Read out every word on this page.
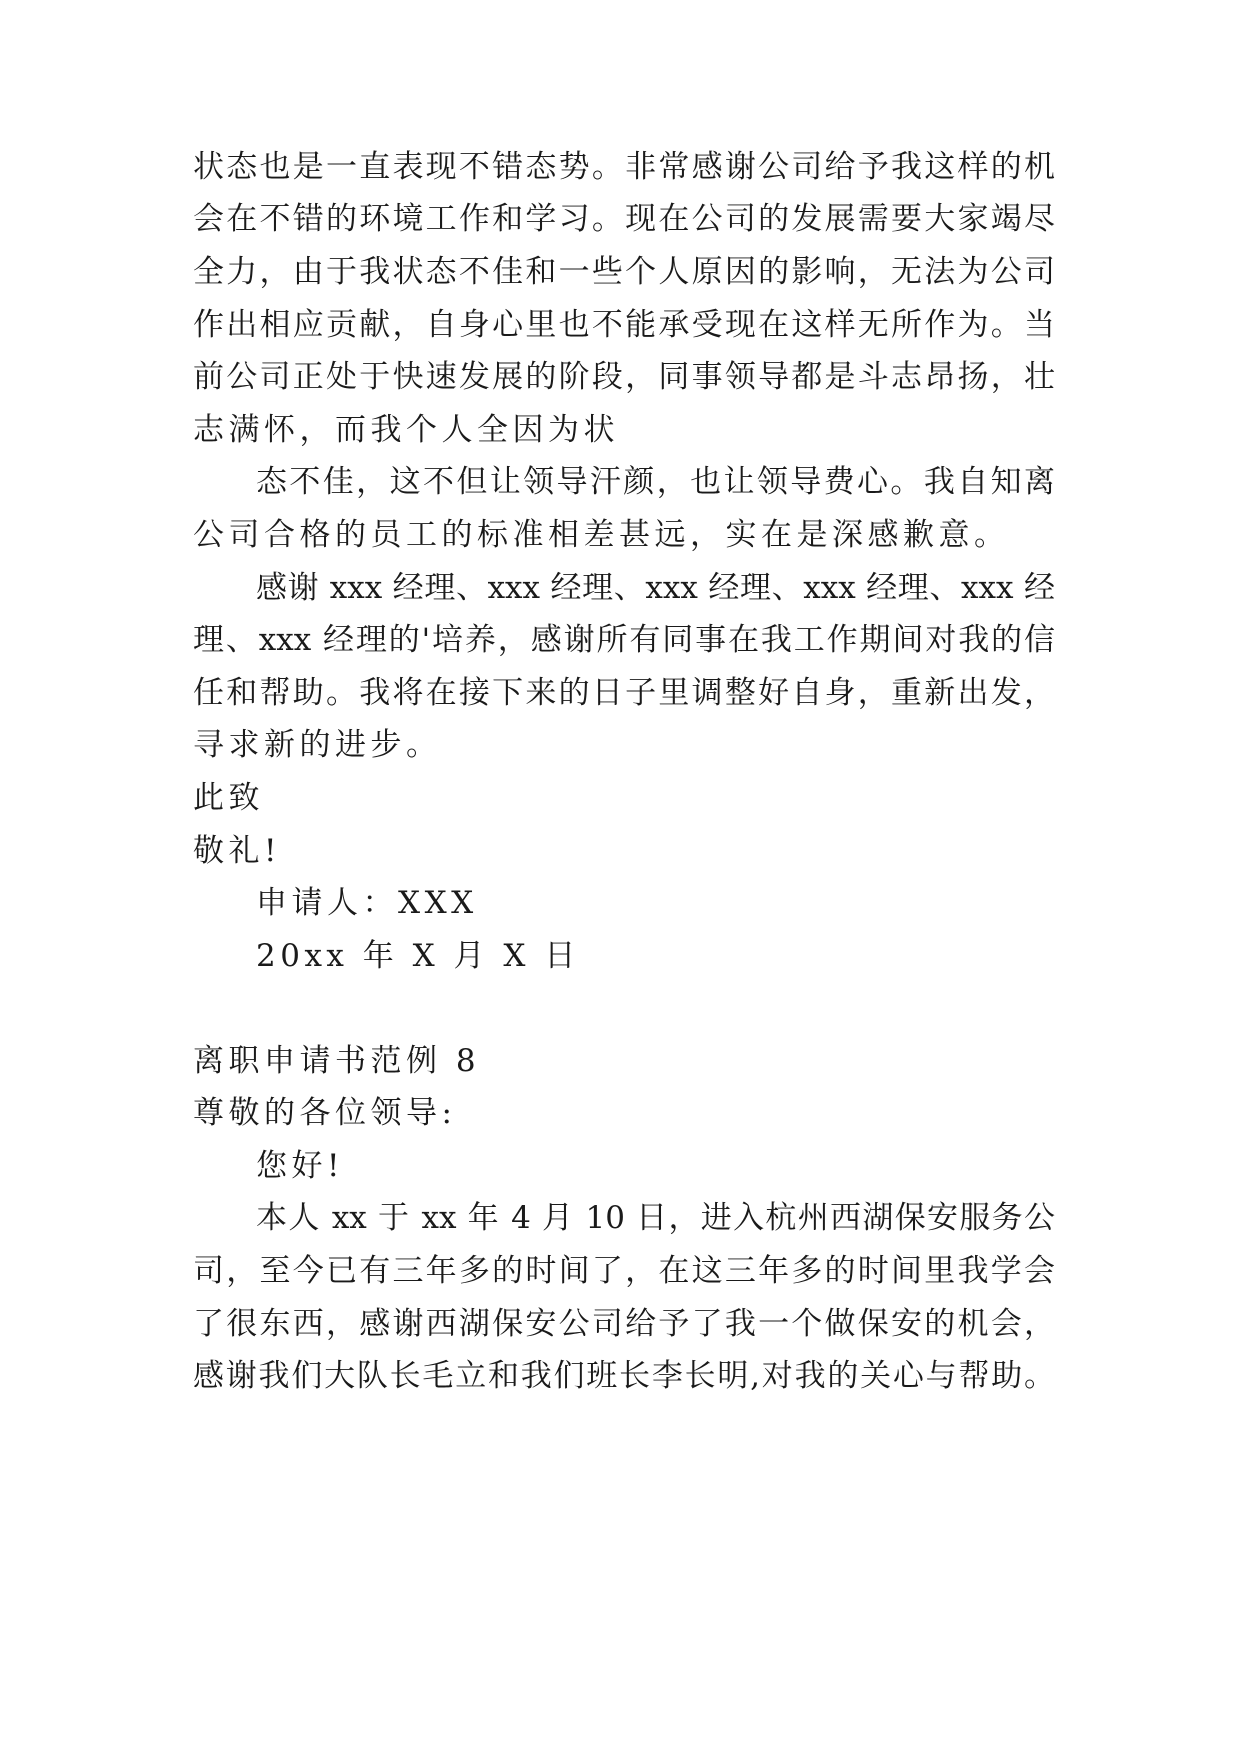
状态也是一直表现不错态势。非常感谢公司给予我这样的机
会在不错的环境工作和学习。现在公司的发展需要大家竭尽
全力，由于我状态不佳和一些个人原因的影响，无法为公司
作出相应贡献，自身心里也不能承受现在这样无所作为。当
前公司正处于快速发展的阶段，同事领导都是斗志昂扬，壮
志满怀，而我个人全因为状
态不佳，这不但让领导汗颜，也让领导费心。我自知离
公司合格的员工的标准相差甚远，实在是深感歉意。
感谢 xxx 经理、xxx 经理、xxx 经理、xxx 经理、xxx 经
理、xxx 经理的'培养，感谢所有同事在我工作期间对我的信
任和帮助。我将在接下来的日子里调整好自身，重新出发，
寻求新的进步。
此致
敬礼!
申请人：XXX
20xx 年 X 月 X 日
离职申请书范例 8
尊敬的各位领导:
您好!
本人 xx 于 xx 年 4 月 10 日，进入杭州西湖保安服务公
司，至今已有三年多的时间了，在这三年多的时间里我学会
了很东西，感谢西湖保安公司给予了我一个做保安的机会，
感谢我们大队长毛立和我们班长李长明,对我的关心与帮助。
